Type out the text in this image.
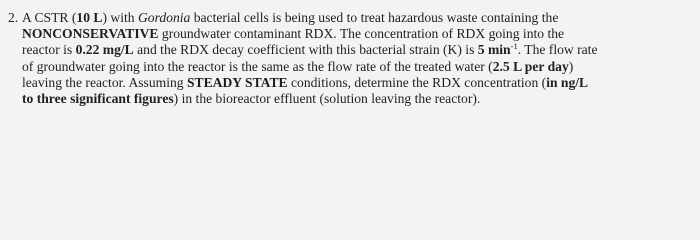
2. A CSTR (10 L) with Gordonia bacterial cells is being used to treat hazardous waste containing the
NONCONSERVATIVE groundwater contaminant RDX. The concentration of RDX going into the
reactor is 0.22 mg/L and the RDX decay coefficient with this bacterial strain (K) is 5 $\min^{-1}$. The flow rate
of groundwater going into the reactor is the same as the flow rate of the treated water (2.5 L per day)
leaving the reactor. Assuming STEADY STATE conditions, determine the RDX concentration (in ng/L
to three significant figures) in the bioreactor effluent (solution leaving the reactor).
